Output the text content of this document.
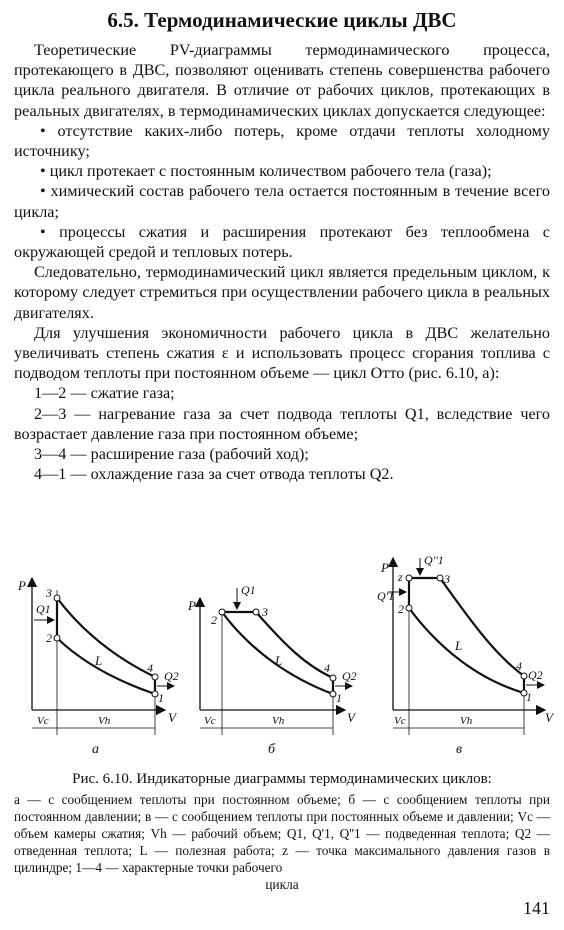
6.5. Термодинамические циклы ДВС

Теоретические PV-диаграммы термодинамического процесса, протекающего в ДВС, позволяют оценивать степень совершенства рабочего цикла реального двигателя. В отличие от рабочих циклов, протекающих в реальных двигателях, в термодинамических циклах допускается следующее:

• отсутствие каких-либо потерь, кроме отдачи теплоты холодному источнику;

• цикл протекает с постоянным количеством рабочего тела (газа);

• химический состав рабочего тела остается постоянным в течение всего цикла;

• процессы сжатия и расширения протекают без теплообмена с окружающей средой и тепловых потерь.

Следовательно, термодинамический цикл является предельным циклом, к которому следует стремиться при осуществлении рабочего цикла в реальных двигателях.

Для улучшения экономичности рабочего цикла в ДВС желательно увеличивать степень сжатия ε и использовать процесс сгорания топлива с подводом теплоты при постоянном объеме — цикл Отто (рис. 6.10, а):

1—2 — сжатие газа;

2—3 — нагревание газа за счет подвода теплоты Q1, вследствие чего возрастает давление газа при постоянном объеме;

3—4 — расширение газа (рабочий ход);

4—1 — охлаждение газа за счет отвода теплоты Q2.

P
V
3
2
4
1
Q1
Q2
L
Vc	Vh
а
P
V
2
3
4
1
Q1
Q2
L
Vc	Vh
б
P
V
z	3
2
4
1
Q''1
Q'1
Q2
L
Vc	Vh
в
Рис. 6.10. Индикаторные диаграммы термодинамических циклов:
а — с сообщением теплоты при постоянном объеме; б — с сообщением теплоты при постоянном давлении; в — с сообщением теплоты при постоянных объеме и давлении; Vс — объем камеры сжатия; Vh — рабочий объем; Q1, Q'1, Q''1 — подведенная теплота; Q2 — отведенная теплота; L — полезная работа; z — точка максимального давления газов в цилиндре; 1—4 — характерные точки рабочего
цикла
141
